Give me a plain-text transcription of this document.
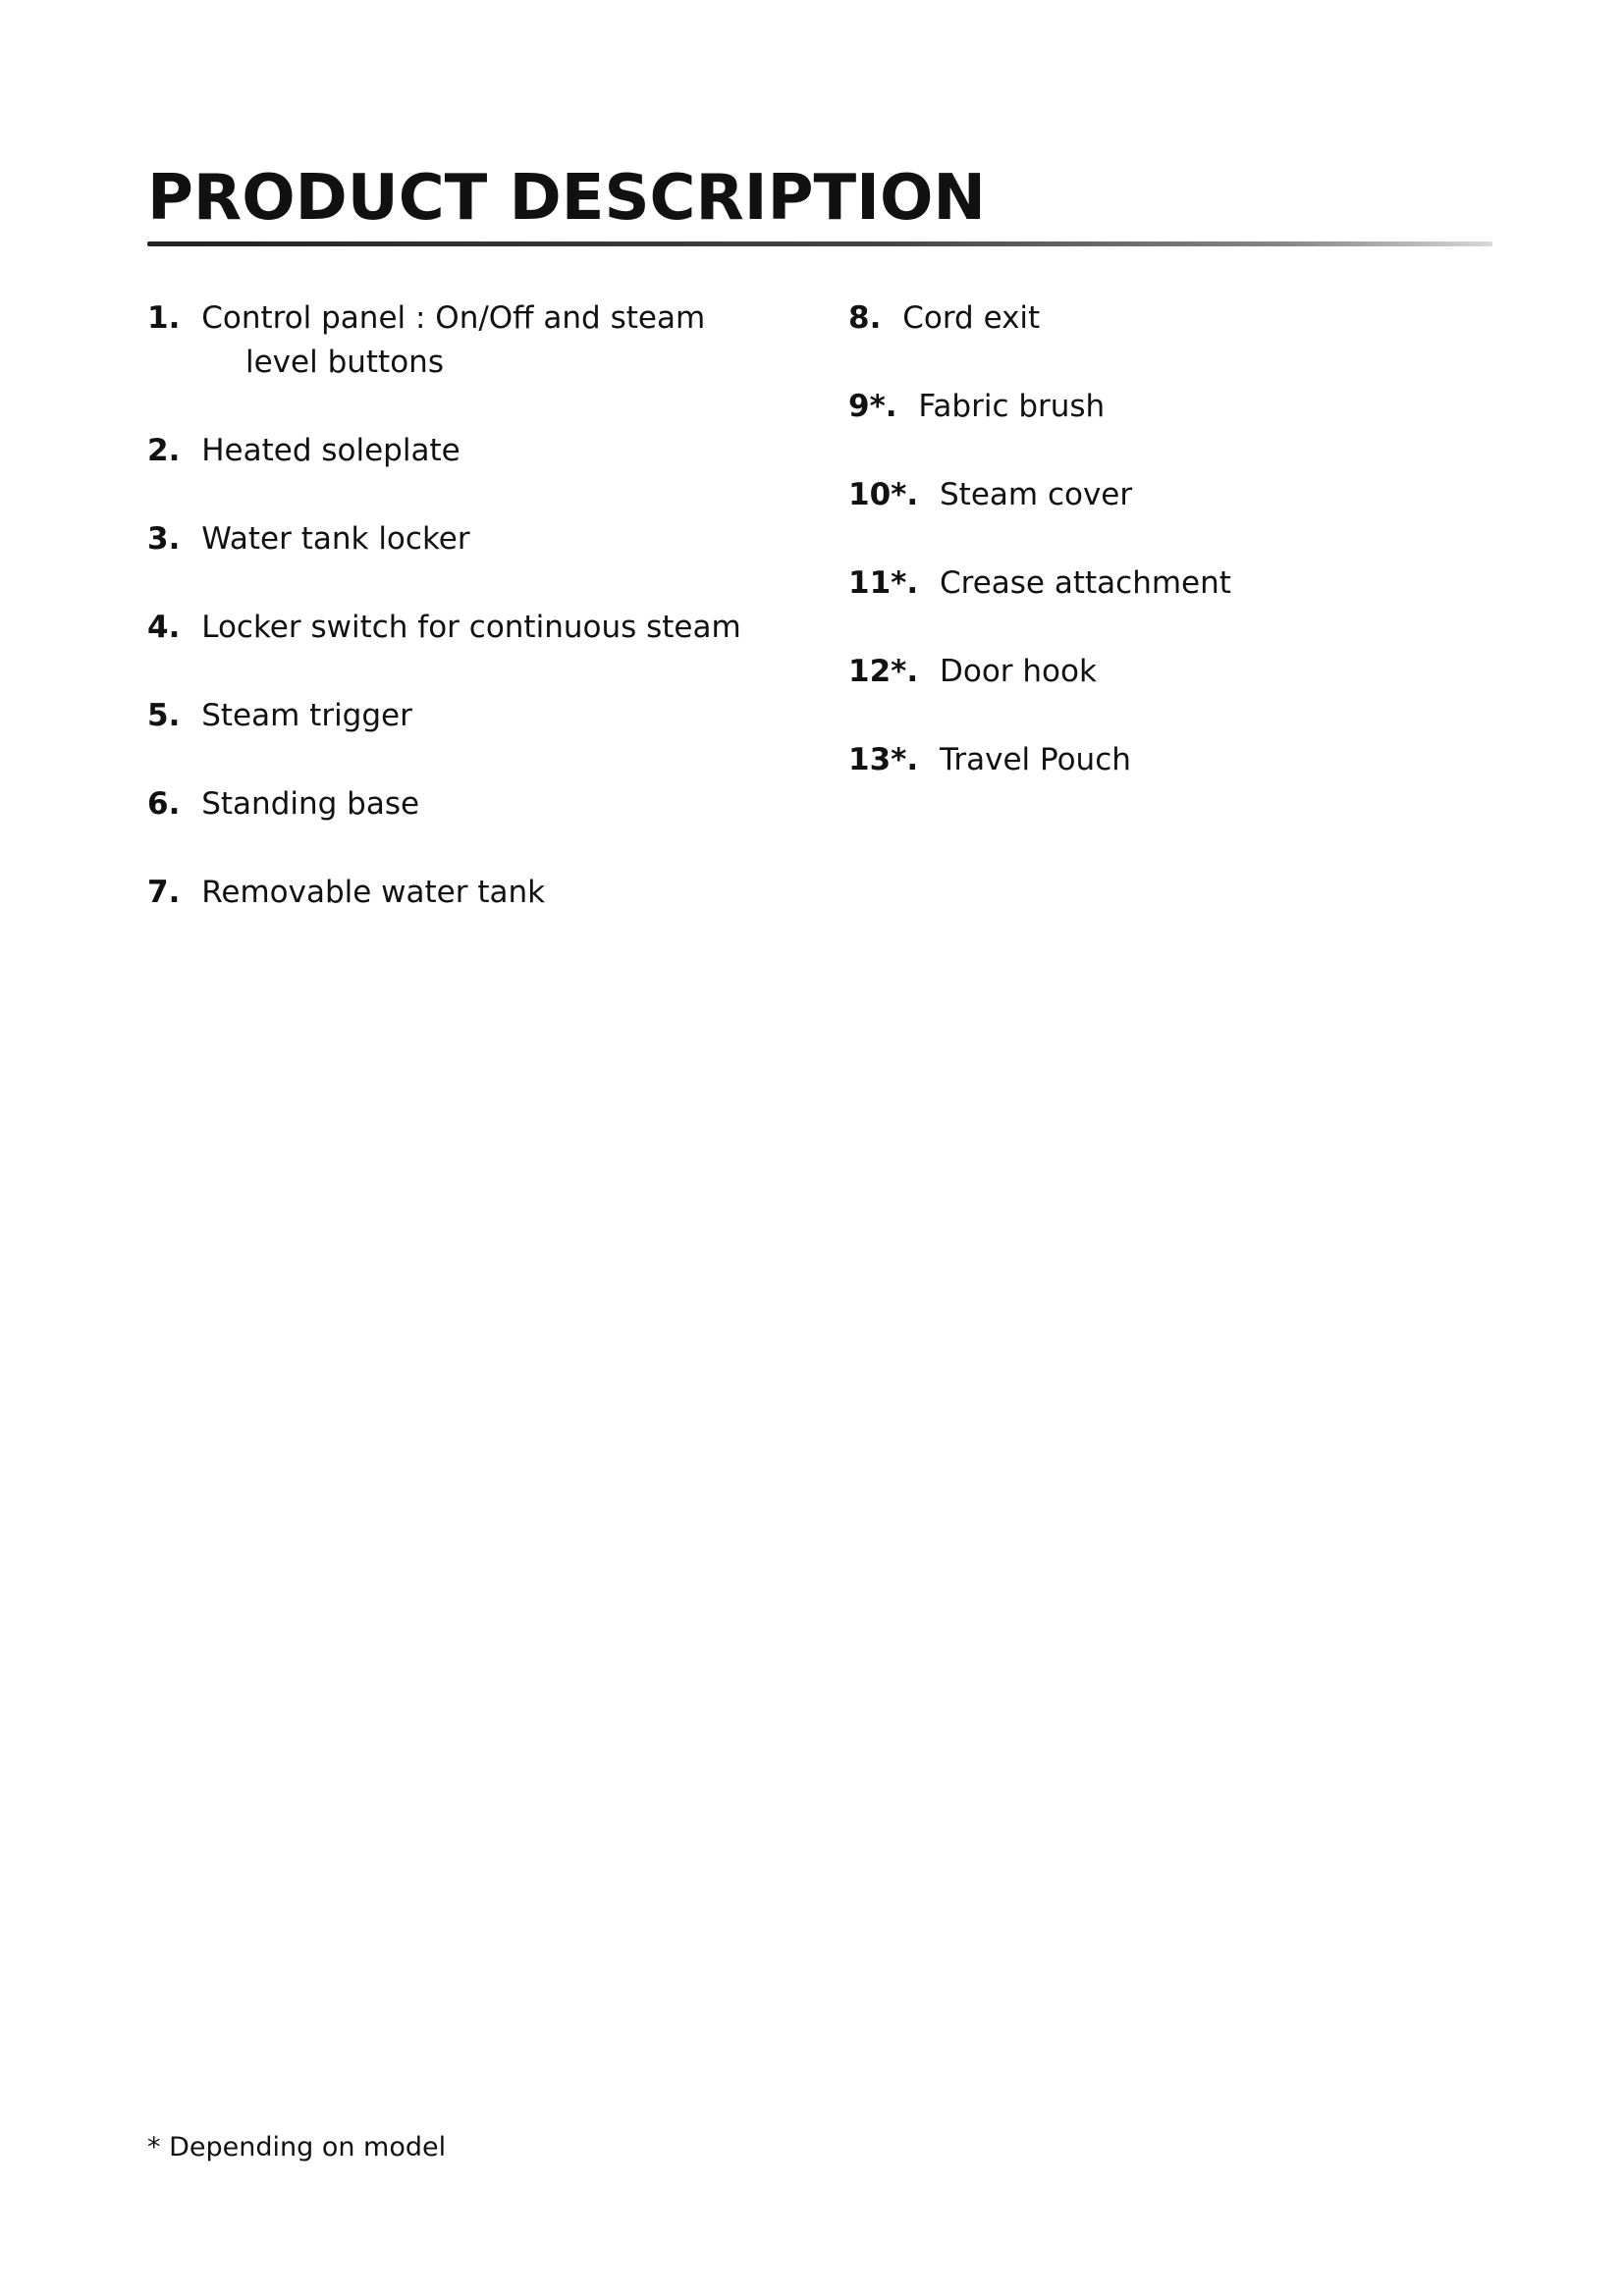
PRODUCT DESCRIPTION
1. Control panel : On/Off and steam
level buttons
2. Heated soleplate
3. Water tank locker
4. Locker switch for continuous steam
5. Steam trigger
6. Standing base
7. Removable water tank
8. Cord exit
9*. Fabric brush
10*. Steam cover
11*. Crease attachment
12*. Door hook
13*. Travel Pouch
* Depending on model
